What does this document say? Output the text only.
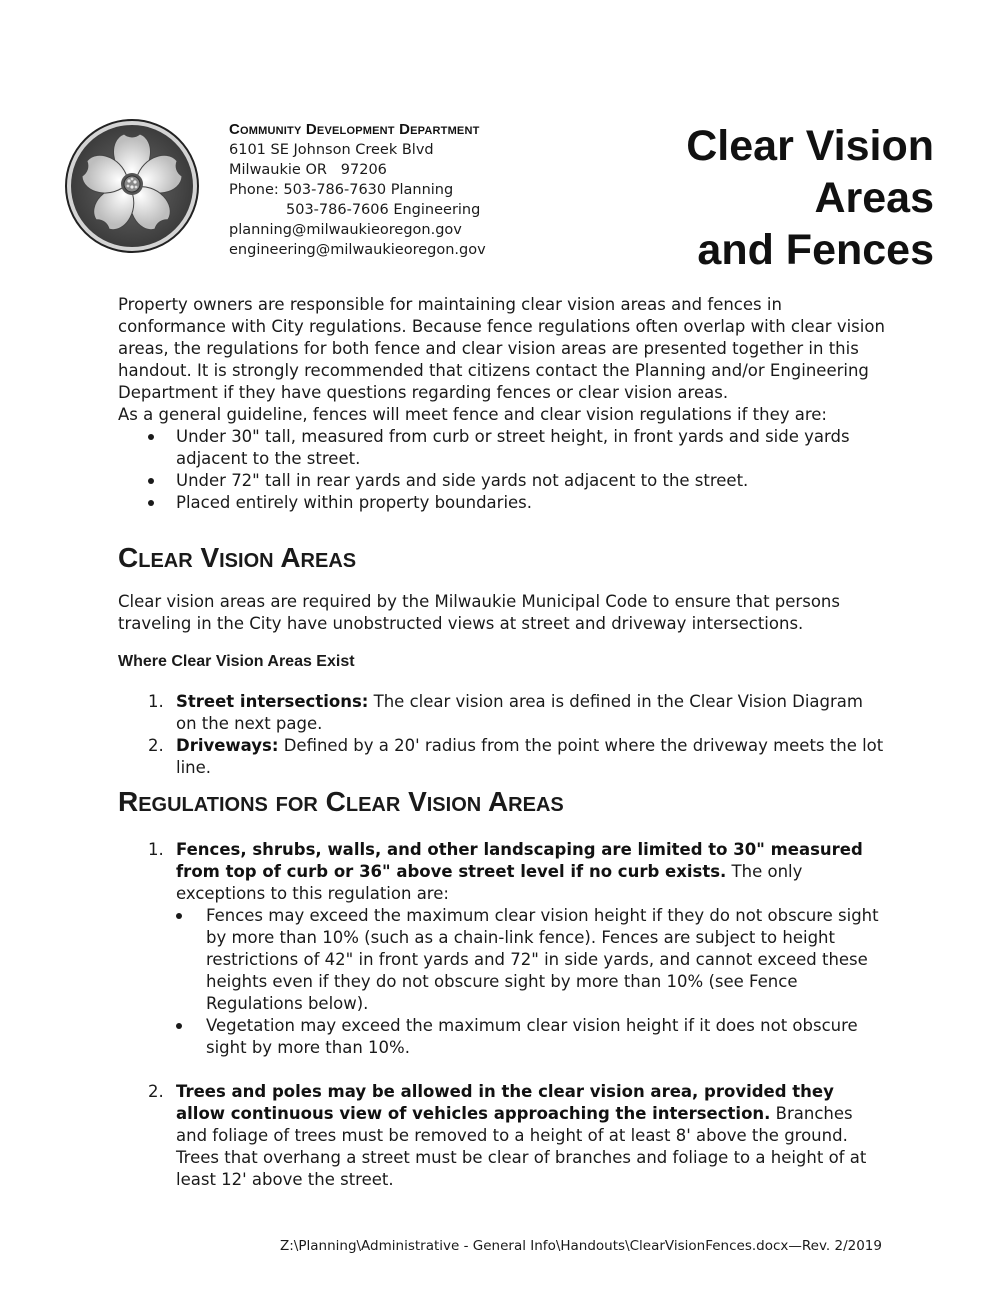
Community Development Department
6101 SE Johnson Creek Blvd
Milwaukie OR   97206
Phone: 503-786-7630 Planning
503-786-7606 Engineering
planning@milwaukieoregon.gov
engineering@milwaukieoregon.gov
Clear Vision
Areas
and Fences

Property owners are responsible for maintaining clear vision areas and fences in conformance with City regulations. Because fence regulations often overlap with clear vision areas, the regulations for both fence and clear vision areas are presented together in this handout. It is strongly recommended that citizens contact the Planning and/or Engineering Department if they have questions regarding fences or clear vision areas.

As a general guideline, fences will meet fence and clear vision regulations if they are:

Under 30" tall, measured from curb or street height, in front yards and side yards adjacent to the street.
Under 72" tall in rear yards and side yards not adjacent to the street.
Placed entirely within property boundaries.
Clear Vision Areas

Clear vision areas are required by the Milwaukie Municipal Code to ensure that persons traveling in the City have unobstructed views at street and driveway intersections.

Where Clear Vision Areas Exist
1. Street intersections: The clear vision area is defined in the Clear Vision Diagram on the next page.
2. Driveways: Defined by a 20' radius from the point where the driveway meets the lot line.
Regulations for Clear Vision Areas
1. Fences, shrubs, walls, and other landscaping are limited to 30" measured from top of curb or 36" above street level if no curb exists. The only exceptions to this regulation are:
Fences may exceed the maximum clear vision height if they do not obscure sight by more than 10% (such as a chain-link fence). Fences are subject to height restrictions of 42" in front yards and 72" in side yards, and cannot exceed these heights even if they do not obscure sight by more than 10% (see Fence Regulations below).
Vegetation may exceed the maximum clear vision height if it does not obscure sight by more than 10%.
2. Trees and poles may be allowed in the clear vision area, provided they allow continuous view of vehicles approaching the intersection. Branches and foliage of trees must be removed to a height of at least 8' above the ground. Trees that overhang a street must be clear of branches and foliage to a height of at least 12' above the street.
Z:\Planning\Administrative - General Info\Handouts\ClearVisionFences.docx—Rev. 2/2019
